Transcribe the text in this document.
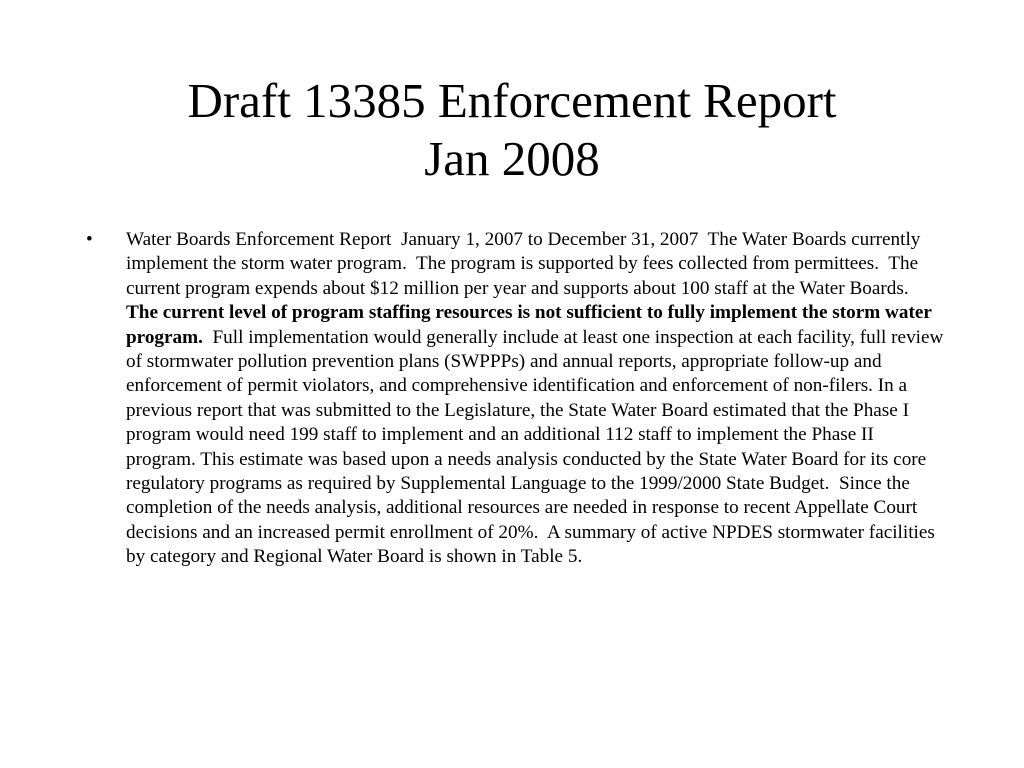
Draft 13385 Enforcement Report
Jan 2008
• Water Boards Enforcement Report  January 1, 2007 to December 31, 2007  The Water Boards currently implement the storm water program.  The program is supported by fees collected from permittees.  The current program expends about $12 million per year and supports about 100 staff at the Water Boards.    The current level of program staffing resources is not sufficient to fully implement the storm water program.  Full implementation would generally include at least one inspection at each facility, full review of stormwater pollution prevention plans (SWPPPs) and annual reports, appropriate follow-up and enforcement of permit violators, and comprehensive identification and enforcement of non-filers. In a previous report that was submitted to the Legislature, the State Water Board estimated that the Phase I program would need 199 staff to implement and an additional 112 staff to implement the Phase II program. This estimate was based upon a needs analysis conducted by the State Water Board for its core regulatory programs as required by Supplemental Language to the 1999/2000 State Budget.  Since the completion of the needs analysis, additional resources are needed in response to recent Appellate Court decisions and an increased permit enrollment of 20%.  A summary of active NPDES stormwater facilities by category and Regional Water Board is shown in Table 5.
